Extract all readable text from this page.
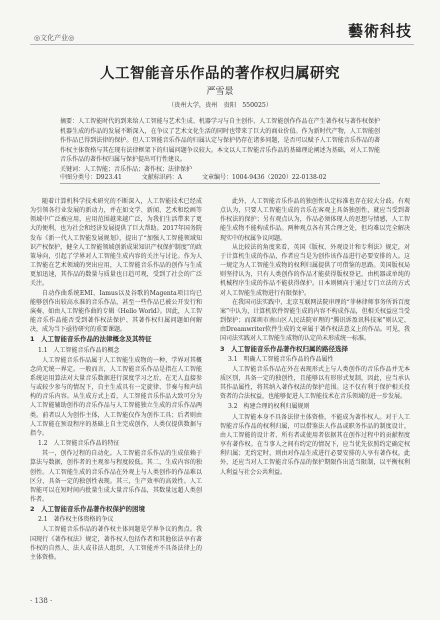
◎文化产业◎	藝術科技
人工智能音乐作品的著作权归属研究
严雪景
（贵州大学，贵州　贵阳　550025）
摘要：人工智能时代的到来给人工智能与艺术生成、机器学习与自主创作、人工智能创作作品在产生著作权与著作权保护机器生成的作品的发展不断深入，在争议了艺术文化生活的同时也带来了巨大的商业价值。作为新时代产物，人工智能创作作品已得到法律的保护。但人工智能音乐作品的归属认定与保护仍存在诸多问题，是否可以赋予人工智能音乐作品的著作权主体资格与其在现有法律框架下的归属问题争议较大。本文以人工智能音乐作品的基础理论阐述为基础，对人工智能音乐作品的著作权归属与保护提出可行性建议。
关键词：人工智能；音乐作品；著作权；法律保护
中图分类号：D923.41	文献标识码：A	文章编号：1004-9436（2020）22-0138-02

随着计算机科学技术研究的不断深入，人工智能技术已经成为引领各行业发展的新动力，并在如文学、新闻、艺术和绘画等领域中广泛被应用，应用范围越来越广泛，为我们生活带来了更大的便利，也为社会和经济发展提供了巨大帮助。2017年国务院发布《新一代人工智能发展规划》，提出了“加强人工智能领域知识产权保护，健全人工智能领域创新成果知识产权保护制度”的政策导向，引起了学界对人工智能生成内容的关注与讨论。作为人工智能在艺术领域的突出应用，人工智能音乐作品的创作与生成更加迅速，其作品的数量与质量也日趋可观，受到了社会的广泛关注。

自动作曲系统EMI、Iamus以及谷歌的Magenta项目均已能够创作出较高水准的音乐作品，甚至一些作品已被公开发行和演奏，如由人工智能作曲的专辑《Hello World》。因此，人工智能音乐作品能否受到著作权法保护、其著作权归属问题如何解决，成为当下亟待研究的重要课题。

1　人工智能音乐作品的法律概念及其特征
1.1　人工智能音乐作品的概念

人工智能音乐作品属于人工智能生成物的一种，学界对其概念尚无统一界定。一般而言，人工智能音乐作品是指在人工智能系统运用算法对大量音乐数据进行深度学习之后，在无人直接参与或较少参与的情况下，自主生成具有一定旋律、节奏与和声结构的音乐内容。从生成方式上看，人工智能音乐作品大致可分为人工智能辅助创作的音乐作品与人工智能独立生成的音乐作品两类。前者以人为创作主体，人工智能仅作为创作工具；后者则由人工智能在预设程序的基础上自主完成创作，人类仅提供数据与指令。

1.2　人工智能音乐作品的特征

其一，创作过程的自动化。人工智能音乐作品的生成依赖于算法与数据，创作者的主观参与程度较低。其二，生成内容的独创性。人工智能生成的音乐作品在外观上与人类创作的作品难以区分，具备一定的独创性表现。其三，生产效率的高效性。人工智能可以在短时间内批量生成大量音乐作品，其数量远超人类创作者。

2　人工智能音乐作品著作权保护的困境
2.1　著作权主体资格的争议

人工智能音乐作品的著作权主体问题是学界争议的焦点。我国现行《著作权法》规定，著作权人包括作者和其他依法享有著作权的自然人、法人或非法人组织，人工智能并不具备法律上的主体资格。

此外，人工智能音乐作品的独创性认定标准也存在较大分歧。有观点认为，只要人工智能生成的音乐在客观上具备独创性，就应当受到著作权法的保护；另有观点认为，作品必须体现人的思想与情感，人工智能生成物不能构成作品。两种观点各有其合理之处，但均难以完全解决现实中的权属争议问题。

从比较法的角度来看，英国《版权、外观设计和专利法》规定，对于计算机生成的作品，作者应当是为创作该作品进行必要安排的人。这一规定为人工智能生成物的权利归属提供了可借鉴的思路。美国版权局则坚持认为，只有人类创作的作品才能获得版权登记，由机器或单纯的机械程序生成的作品不能获得保护。日本则倾向于通过专门立法的方式对人工智能生成物进行有限保护。

在我国司法实践中，北京互联网法院审理的“菲林律师事务所诉百度案”中认为，计算机软件智能生成的内容不构成作品，但相关权益应当受到保护；而深圳市南山区人民法院审理的“腾讯诉盈讯科技案”则认定，由Dreamwriter软件生成的文章属于著作权法意义上的作品。可见，我国司法实践对人工智能生成物的认定尚未形成统一标准。

3　人工智能音乐作品著作权归属的路径选择
3.1　明确人工智能音乐作品的作品属性

人工智能音乐作品在外在表现形式上与人类创作的音乐作品并无本质区别，具备一定的独创性，且能够以有形形式复制，因此，应当承认其作品属性，将其纳入著作权法的保护范围。这不仅有利于保护相关投资者的合法权益，也能够促进人工智能技术在音乐领域的进一步发展。

3.2　构建合理的权利归属规则

人工智能本身不具备法律主体资格，不能成为著作权人。对于人工智能音乐作品的权利归属，可以借鉴法人作品或职务作品的制度设计，由人工智能的设计者、所有者或使用者依据其在创作过程中的贡献程度享有著作权。在当事人之间有约定的情况下，应当优先依照约定确定权利归属；无约定时，则由对作品生成进行必要安排的人享有著作权。此外，还应当对人工智能音乐作品的保护期限作出适当限制，以平衡权利人利益与社会公共利益。

· 138 ·
